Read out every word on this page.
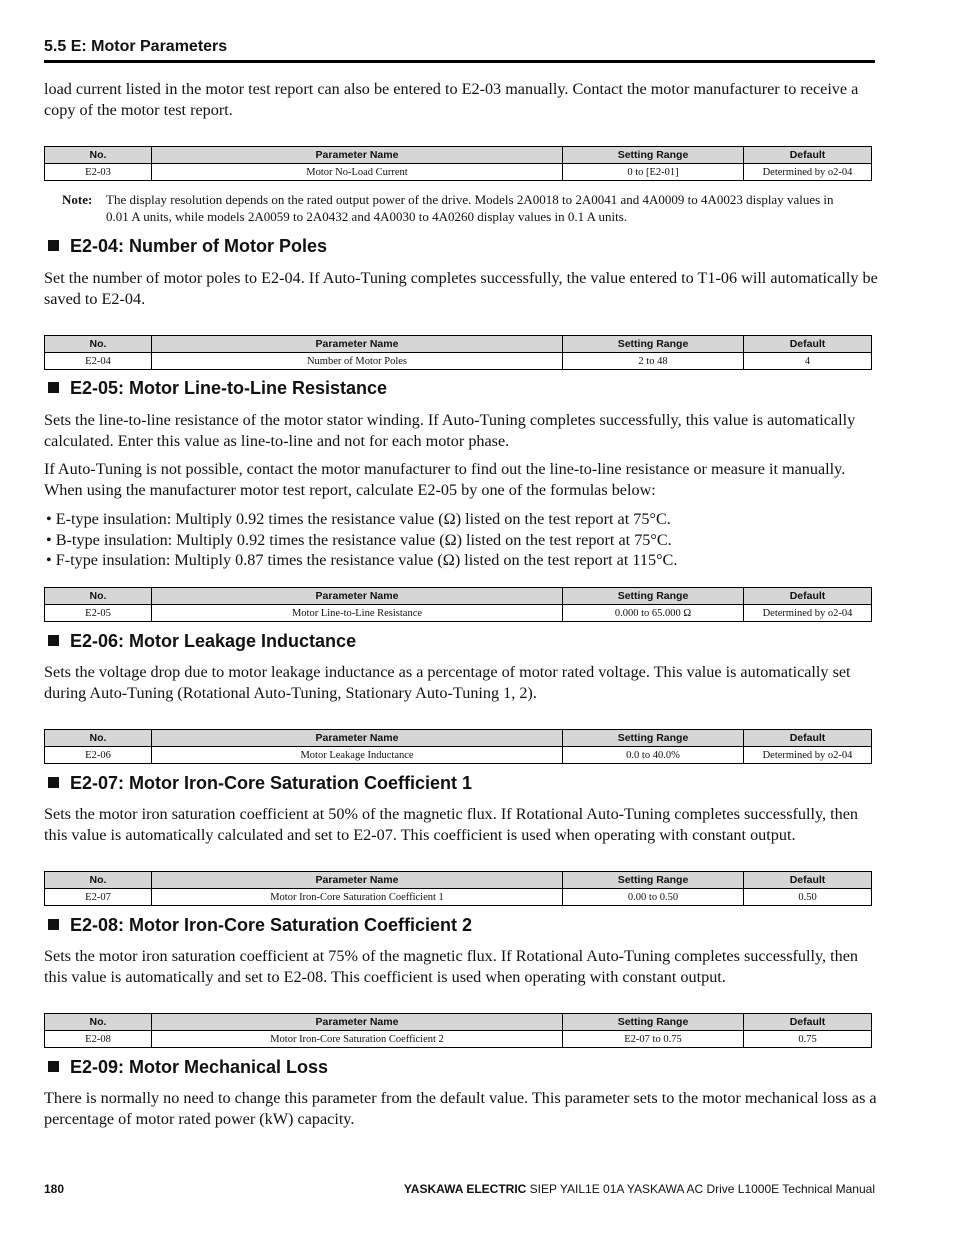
5.5 E: Motor Parameters
load current listed in the motor test report can also be entered to E2-03 manually. Contact the motor manufacturer to receive a copy of the motor test report.
No.	Parameter Name	Setting Range	Default
E2-03	Motor No-Load Current	0 to [E2-01]	Determined by o2-04
Note: The display resolution depends on the rated output power of the drive. Models 2A0018 to 2A0041 and 4A0009 to 4A0023 display values in 0.01 A units, while models 2A0059 to 2A0432 and 4A0030 to 4A0260 display values in 0.1 A units.
E2-04: Number of Motor Poles
Set the number of motor poles to E2-04. If Auto-Tuning completes successfully, the value entered to T1-06 will automatically be saved to E2-04.
No.	Parameter Name	Setting Range	Default
E2-04	Number of Motor Poles	2 to 48	4
E2-05: Motor Line-to-Line Resistance
Sets the line-to-line resistance of the motor stator winding. If Auto-Tuning completes successfully, this value is automatically calculated. Enter this value as line-to-line and not for each motor phase.
If Auto-Tuning is not possible, contact the motor manufacturer to find out the line-to-line resistance or measure it manually. When using the manufacturer motor test report, calculate E2-05 by one of the formulas below:
• E-type insulation: Multiply 0.92 times the resistance value (Ω) listed on the test report at 75°C.
• B-type insulation: Multiply 0.92 times the resistance value (Ω) listed on the test report at 75°C.
• F-type insulation: Multiply 0.87 times the resistance value (Ω) listed on the test report at 115°C.
No.	Parameter Name	Setting Range	Default
E2-05	Motor Line-to-Line Resistance	0.000 to 65.000 Ω	Determined by o2-04
E2-06: Motor Leakage Inductance
Sets the voltage drop due to motor leakage inductance as a percentage of motor rated voltage. This value is automatically set during Auto-Tuning (Rotational Auto-Tuning, Stationary Auto-Tuning 1, 2).
No.	Parameter Name	Setting Range	Default
E2-06	Motor Leakage Inductance	0.0 to 40.0%	Determined by o2-04
E2-07: Motor Iron-Core Saturation Coefficient 1
Sets the motor iron saturation coefficient at 50% of the magnetic flux. If Rotational Auto-Tuning completes successfully, then this value is automatically calculated and set to E2-07. This coefficient is used when operating with constant output.
No.	Parameter Name	Setting Range	Default
E2-07	Motor Iron-Core Saturation Coefficient 1	0.00 to 0.50	0.50
E2-08: Motor Iron-Core Saturation Coefficient 2
Sets the motor iron saturation coefficient at 75% of the magnetic flux. If Rotational Auto-Tuning completes successfully, then this value is automatically and set to E2-08. This coefficient is used when operating with constant output.
No.	Parameter Name	Setting Range	Default
E2-08	Motor Iron-Core Saturation Coefficient 2	E2-07 to 0.75	0.75
E2-09: Motor Mechanical Loss
There is normally no need to change this parameter from the default value. This parameter sets to the motor mechanical loss as a percentage of motor rated power (kW) capacity.
180	YASKAWA ELECTRIC SIEP YAIL1E 01A YASKAWA AC Drive L1000E Technical Manual
